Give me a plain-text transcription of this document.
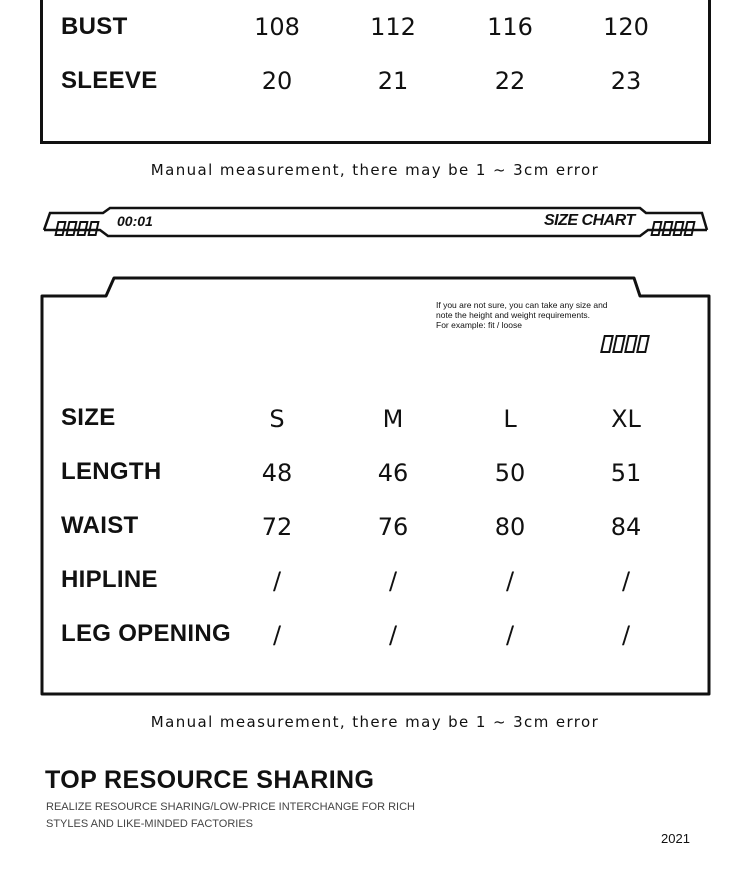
BUST	108	112	116	120
SLEEVE	20	21	22	23
Manual measurement, there may be 1 ~ 3cm error
00:01	SIZE CHART
If you are not sure, you can take any size and
note the height and weight requirements.
For example: fit / loose
SIZE	S	M	L	XL
LENGTH	48	46	50	51
WAIST	72	76	80	84
HIPLINE	/	/	/	/
LEG OPENING	/	/	/	/
Manual measurement, there may be 1 ~ 3cm error
TOP RESOURCE SHARING
REALIZE RESOURCE SHARING/LOW-PRICE INTERCHANGE FOR RICH
STYLES AND LIKE-MINDED FACTORIES
2021
